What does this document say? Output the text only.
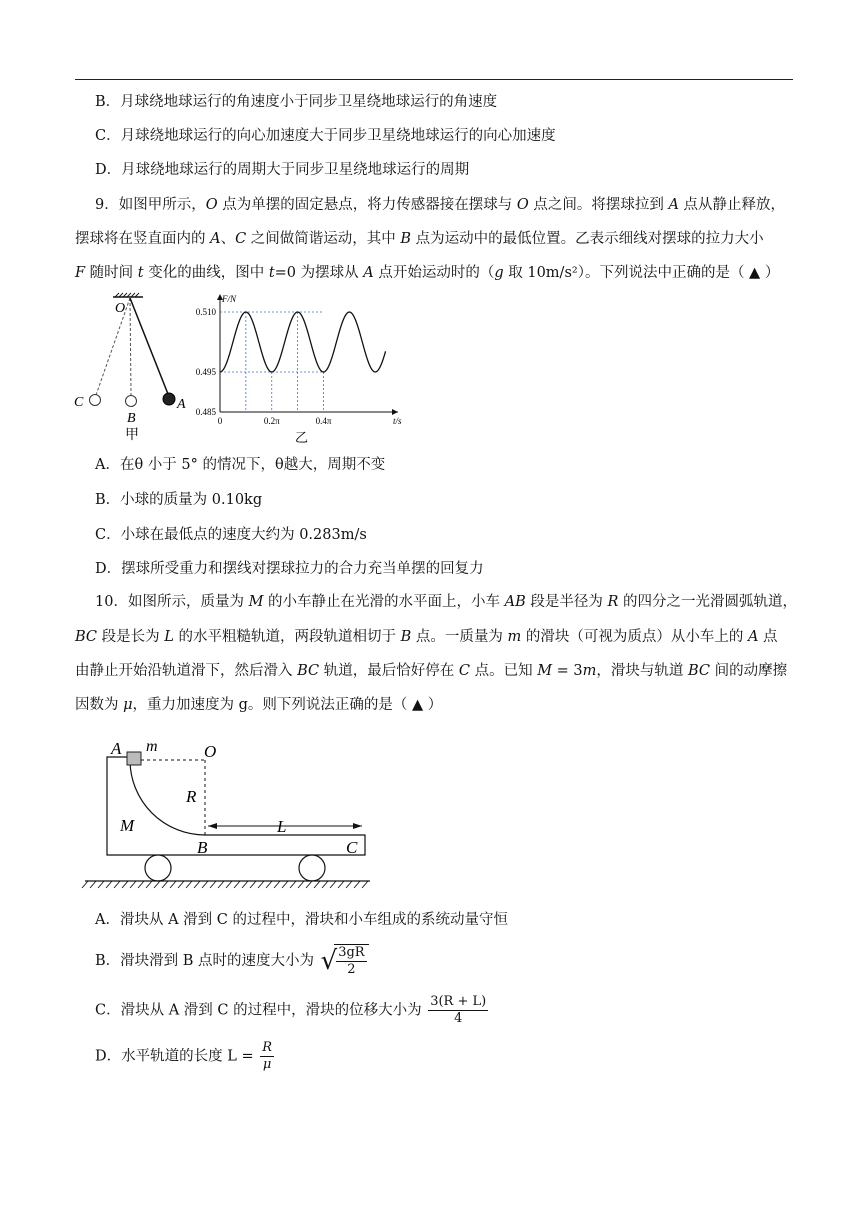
B．月球绕地球运行的角速度小于同步卫星绕地球运行的角速度
C．月球绕地球运行的向心加速度大于同步卫星绕地球运行的向心加速度
D．月球绕地球运行的周期大于同步卫星绕地球运行的周期
9．如图甲所示，O 点为单摆的固定悬点，将力传感器接在摆球与 O 点之间。将摆球拉到 A 点从静止释放，
摆球将在竖直面内的 A、C 之间做简谐运动，其中 B 点为运动中的最低位置。乙表示细线对摆球的拉力大小
F 随时间 t 变化的曲线，图中 t=0 为摆球从 A 点开始运动时的（g 取 10m/s²）。下列说法中正确的是（ ▲ ）
O
C
B
A
甲
F/N
t/s
0.485
0.495
0.510
0	0.2π	0.4π
乙
A．在θ 小于 5° 的情况下，θ越大，周期不变
B．小球的质量为 0.10kg
C．小球在最低点的速度大约为 0.283m/s
D．摆球所受重力和摆线对摆球拉力的合力充当单摆的回复力
10．如图所示，质量为 M 的小车静止在光滑的水平面上，小车 AB 段是半径为 R 的四分之一光滑圆弧轨道，
BC 段是长为 L 的水平粗糙轨道，两段轨道相切于 B 点。一质量为 m 的滑块（可视为质点）从小车上的 A 点
由静止开始沿轨道滑下，然后滑入 BC 轨道，最后恰好停在 C 点。已知 M = 3m，滑块与轨道 BC 间的动摩擦
因数为 μ，重力加速度为 g。则下列说法正确的是（ ▲ ）
A m	O
R
M	L
B	C
A．滑块从 A 滑到 C 的过程中，滑块和小车组成的系统动量守恒
B．滑块滑到 B 点时的速度大小为 √ $\frac{3gR}{2}$
C．滑块从 A 滑到 C 的过程中，滑块的位移大小为 $\frac{3(R + L)}{4}$
D．水平轨道的长度 $L = \frac{R}{\mu}$
